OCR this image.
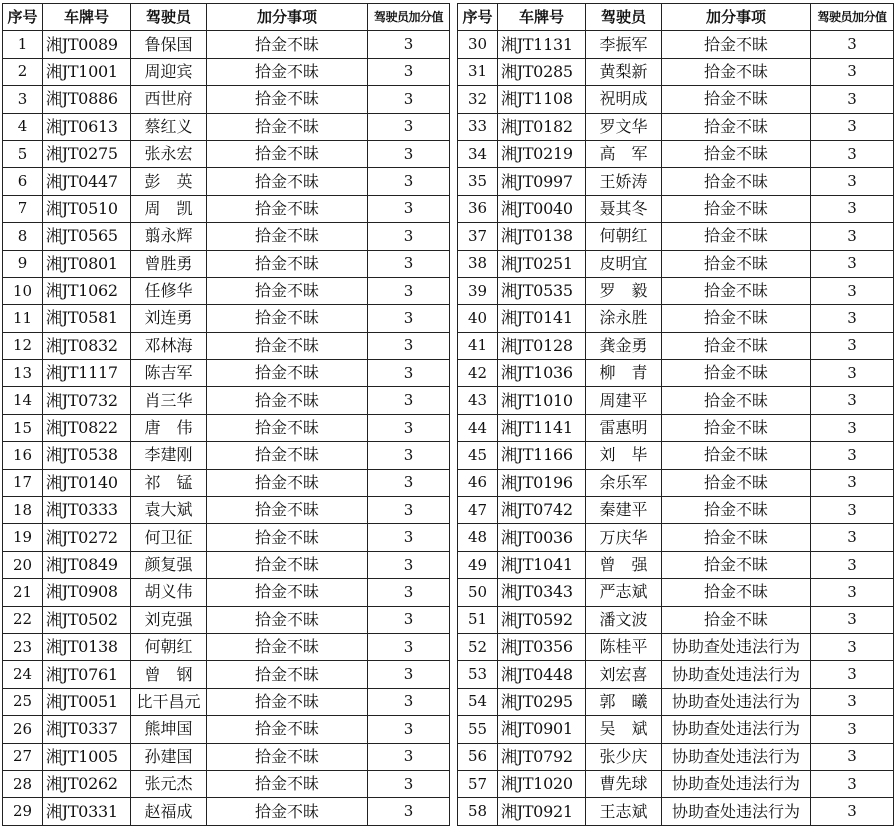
序号	车牌号	驾驶员	加分事项	驾驶员加分值
1	湘JT0089	鲁保国	拾金不昧	3
2	湘JT1001	周迎宾	拾金不昧	3
3	湘JT0886	西世府	拾金不昧	3
4	湘JT0613	蔡红义	拾金不昧	3
5	湘JT0275	张永宏	拾金不昧	3
6	湘JT0447	彭　英	拾金不昧	3
7	湘JT0510	周　凯	拾金不昧	3
8	湘JT0565	翦永辉	拾金不昧	3
9	湘JT0801	曾胜勇	拾金不昧	3
10	湘JT1062	任修华	拾金不昧	3
11	湘JT0581	刘连勇	拾金不昧	3
12	湘JT0832	邓林海	拾金不昧	3
13	湘JT1117	陈吉军	拾金不昧	3
14	湘JT0732	肖三华	拾金不昧	3
15	湘JT0822	唐　伟	拾金不昧	3
16	湘JT0538	李建刚	拾金不昧	3
17	湘JT0140	祁　锰	拾金不昧	3
18	湘JT0333	袁大斌	拾金不昧	3
19	湘JT0272	何卫征	拾金不昧	3
20	湘JT0849	颜复强	拾金不昧	3
21	湘JT0908	胡义伟	拾金不昧	3
22	湘JT0502	刘克强	拾金不昧	3
23	湘JT0138	何朝红	拾金不昧	3
24	湘JT0761	曾　钢	拾金不昧	3
25	湘JT0051	比干昌元	拾金不昧	3
26	湘JT0337	熊坤国	拾金不昧	3
27	湘JT1005	孙建国	拾金不昧	3
28	湘JT0262	张元杰	拾金不昧	3
29	湘JT0331	赵福成	拾金不昧	3
序号	车牌号	驾驶员	加分事项	驾驶员加分值
30	湘JT1131	李振军	拾金不昧	3
31	湘JT0285	黄梨新	拾金不昧	3
32	湘JT1108	祝明成	拾金不昧	3
33	湘JT0182	罗文华	拾金不昧	3
34	湘JT0219	高　军	拾金不昧	3
35	湘JT0997	王娇涛	拾金不昧	3
36	湘JT0040	聂其冬	拾金不昧	3
37	湘JT0138	何朝红	拾金不昧	3
38	湘JT0251	皮明宜	拾金不昧	3
39	湘JT0535	罗　毅	拾金不昧	3
40	湘JT0141	涂永胜	拾金不昧	3
41	湘JT0128	龚金勇	拾金不昧	3
42	湘JT1036	柳　青	拾金不昧	3
43	湘JT1010	周建平	拾金不昧	3
44	湘JT1141	雷惠明	拾金不昧	3
45	湘JT1166	刘　毕	拾金不昧	3
46	湘JT0196	余乐军	拾金不昧	3
47	湘JT0742	秦建平	拾金不昧	3
48	湘JT0036	万庆华	拾金不昧	3
49	湘JT1041	曾　强	拾金不昧	3
50	湘JT0343	严志斌	拾金不昧	3
51	湘JT0592	潘文波	拾金不昧	3
52	湘JT0356	陈桂平	协助查处违法行为	3
53	湘JT0448	刘宏喜	协助查处违法行为	3
54	湘JT0295	郭　曦	协助查处违法行为	3
55	湘JT0901	吴　斌	协助查处违法行为	3
56	湘JT0792	张少庆	协助查处违法行为	3
57	湘JT1020	曹先球	协助查处违法行为	3
58	湘JT0921	王志斌	协助查处违法行为	3
